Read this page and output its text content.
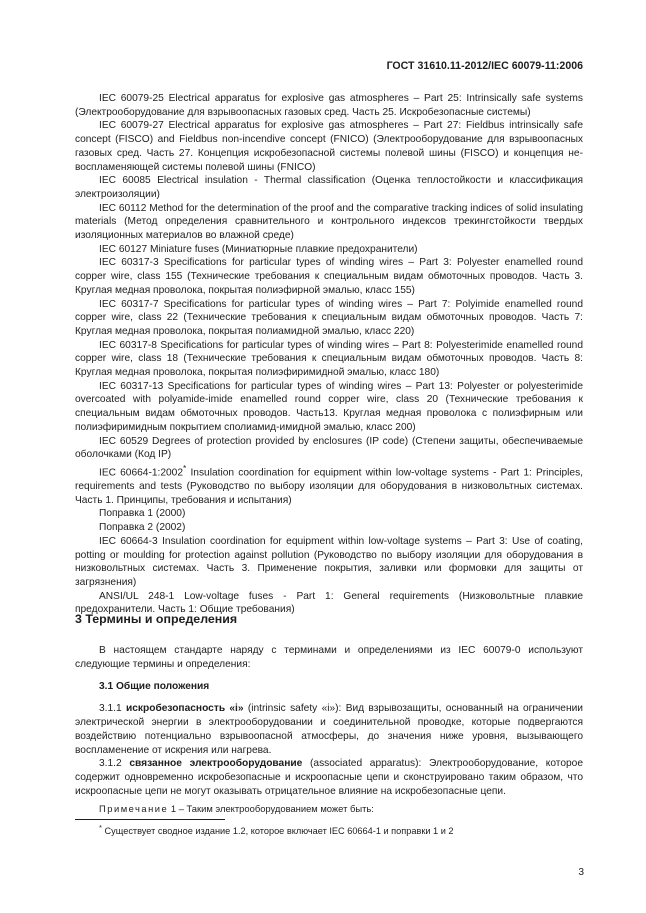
ГОСТ 31610.11-2012/IEC 60079-11:2006

IEC 60079-25 Electrical apparatus for explosive gas atmospheres – Part 25: Intrinsically safe systems (Электрооборудование для взрывоопасных газовых сред. Часть 25. Искробезопасные системы)

IEC 60079-27 Electrical apparatus for explosive gas atmospheres – Part 27: Fieldbus intrinsically safe concept (FISCO) and Fieldbus non-incendive concept (FNICO) (Электрооборудование для взрывоопасных газовых сред. Часть 27. Концепция искробезопасной системы полевой шины (FISCO) и концепция не-воспламеняющей системы полевой шины (FNICO)

IEC 60085 Electrical insulation - Thermal classification (Оценка теплостойкости и классификация электроизоляции)

IEC 60112 Method for the determination of the proof and the comparative tracking indices of solid insulating materials (Метод определения сравнительного и контрольного индексов трекингстойкости твердых изоляционных материалов во влажной среде)

IEC 60127 Miniature fuses (Миниатюрные плавкие предохранители)

IEC 60317-3 Specifications for particular types of winding wires – Part 3: Polyester enamelled round copper wire, class 155 (Технические требования к специальным видам обмоточных проводов. Часть 3. Круглая медная проволока, покрытая полиэфирной эмалью, класс 155)

IEC 60317-7 Specifications for particular types of winding wires – Part 7: Polyimide enamelled round copper wire, class 22 (Технические требования к специальным видам обмоточных проводов. Часть 7: Круглая медная проволока, покрытая полиамидной эмалью, класс 220)

IEC 60317-8 Specifications for particular types of winding wires – Part 8: Polyesterimide enamelled round copper wire, class 18 (Технические требования к специальным видам обмоточных проводов. Часть 8: Круглая медная проволока, покрытая полиэфиримидной эмалью, класс 180)

IEC 60317-13 Specifications for particular types of winding wires – Part 13: Polyester or polyesterimide overcoated with polyamide-imide enamelled round copper wire, class 20 (Технические требования к специальным видам обмоточных проводов. Часть13. Круглая медная проволока с полиэфирным или полиэфиримидным покрытием сполиамид-имидной эмалью, класс 200)

IEC 60529 Degrees of protection provided by enclosures (IP code) (Степени защиты, обеспечиваемые оболочками (Код IP)

IEC 60664-1:2002* Insulation coordination for equipment within low-voltage systems - Part 1: Principles, requirements and tests (Руководство по выбору изоляции для оборудования в низковольтных системах. Часть 1. Принципы, требования и испытания)

Поправка 1 (2000)

Поправка 2 (2002)

IEC 60664-3 Insulation coordination for equipment within low-voltage systems – Part 3: Use of coating, potting or moulding for protection against pollution (Руководство по выбору изоляции для оборудования в низковольтных системах. Часть 3. Применение покрытия, заливки или формовки для защиты от загрязнения)

ANSI/UL 248-1 Low-voltage fuses - Part 1: General requirements (Низковольтные плавкие предохранители. Часть 1: Общие требования)

3 Термины и определения

В настоящем стандарте наряду с терминами и определениями из IEC 60079-0 используют следующие термины и определения:

3.1 Общие положения

3.1.1 искробезопасность «i» (intrinsic safety «i»): Вид взрывозащиты, основанный на ограничении электрической энергии в электрооборудовании и соединительной проводке, которые подвергаются воздействию потенциально взрывоопасной атмосферы, до значения ниже уровня, вызывающего воспламенение от искрения или нагрева.

3.1.2 связанное электрооборудование (associated apparatus): Электрооборудование, которое содержит одновременно искробезопасные и искроопасные цепи и сконструировано таким образом, что искроопасные цепи не могут оказывать отрицательное влияние на искробезопасные цепи.

Примечание 1 – Таким электрооборудованием может быть:

* Существует сводное издание 1.2, которое включает IEC 60664-1 и поправки 1 и 2
3
